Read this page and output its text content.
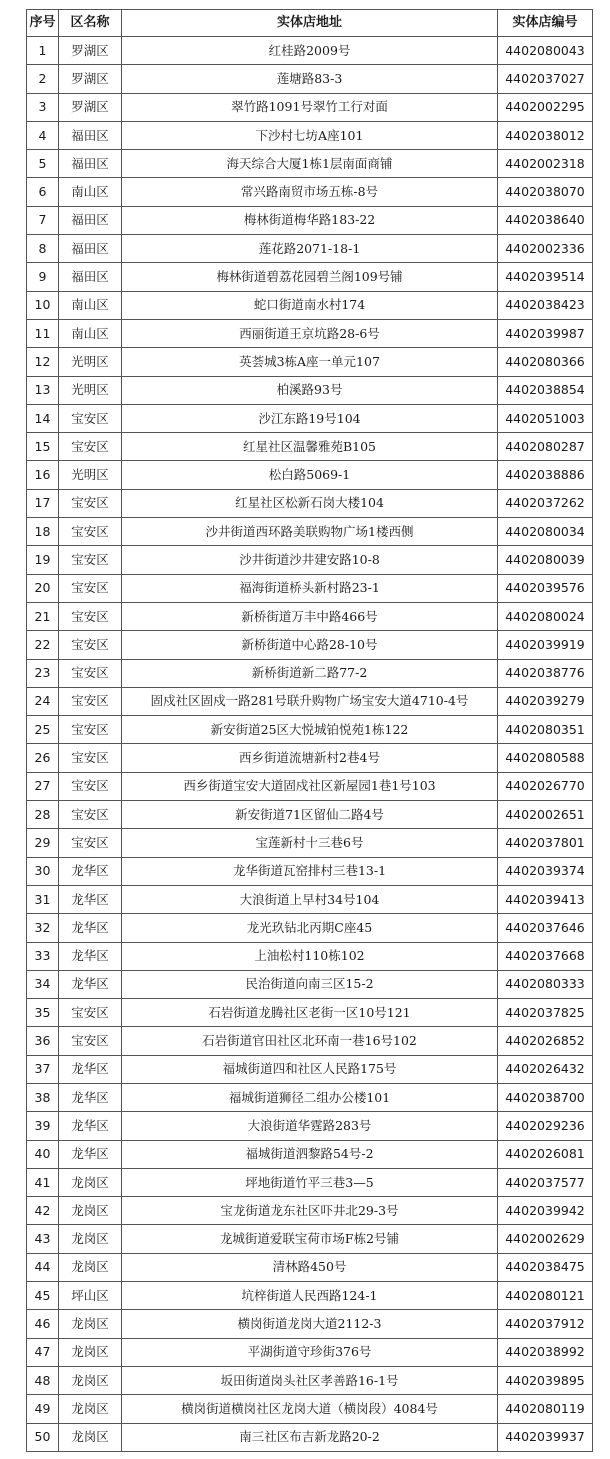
序号	区名称	实体店地址	实体店编号
1	罗湖区	红桂路2009号	4402080043
2	罗湖区	莲塘路83-3	4402037027
3	罗湖区	翠竹路1091号翠竹工行对面	4402002295
4	福田区	下沙村七坊A座101	4402038012
5	福田区	海天综合大厦1栋1层南面商铺	4402002318
6	南山区	常兴路南贸市场五栋-8号	4402038070
7	福田区	梅林街道梅华路183-22	4402038640
8	福田区	莲花路2071-18-1	4402002336
9	福田区	梅林街道碧荔花园碧兰阁109号铺	4402039514
10	南山区	蛇口街道南水村174	4402038423
11	南山区	西丽街道王京坑路28-6号	4402039987
12	光明区	英荟城3栋A座一单元107	4402080366
13	光明区	柏溪路93号	4402038854
14	宝安区	沙江东路19号104	4402051003
15	宝安区	红星社区温馨雅苑B105	4402080287
16	光明区	松白路5069-1	4402038886
17	宝安区	红星社区松新石岗大楼104	4402037262
18	宝安区	沙井街道西环路美联购物广场1楼西侧	4402080034
19	宝安区	沙井街道沙井建安路10-8	4402080039
20	宝安区	福海街道桥头新村路23-1	4402039576
21	宝安区	新桥街道万丰中路466号	4402080024
22	宝安区	新桥街道中心路28-10号	4402039919
23	宝安区	新桥街道新二路77-2	4402038776
24	宝安区	固戍社区固戍一路281号联升购物广场宝安大道4710-4号	4402039279
25	宝安区	新安街道25区大悦城铂悦苑1栋122	4402080351
26	宝安区	西乡街道流塘新村2巷4号	4402080588
27	宝安区	西乡街道宝安大道固戍社区新屋园1巷1号103	4402026770
28	宝安区	新安街道71区留仙二路4号	4402002651
29	宝安区	宝莲新村十三巷6号	4402037801
30	龙华区	龙华街道瓦窑排村三巷13-1	4402039374
31	龙华区	大浪街道上早村34号104	4402039413
32	龙华区	龙光玖钻北丙期C座45	4402037646
33	龙华区	上油松村110栋102	4402037668
34	龙华区	民治街道向南三区15-2	4402080333
35	宝安区	石岩街道龙腾社区老街一区10号121	4402037825
36	宝安区	石岩街道官田社区北环南一巷16号102	4402026852
37	龙华区	福城街道四和社区人民路175号	4402026432
38	龙华区	福城街道狮径二组办公楼101	4402038700
39	龙华区	大浪街道华霆路283号	4402029236
40	龙华区	福城街道泗黎路54号-2	4402026081
41	龙岗区	坪地街道竹平三巷3—5	4402037577
42	龙岗区	宝龙街道龙东社区吓井北29-3号	4402039942
43	龙岗区	龙城街道爱联宝荷市场F栋2号铺	4402002629
44	龙岗区	清林路450号	4402038475
45	坪山区	坑梓街道人民西路124-1	4402080121
46	龙岗区	横岗街道龙岗大道2112-3	4402037912
47	龙岗区	平湖街道守珍街376号	4402038992
48	龙岗区	坂田街道岗头社区孝善路16-1号	4402039895
49	龙岗区	横岗街道横岗社区龙岗大道（横岗段）4084号	4402080119
50	龙岗区	南三社区布吉新龙路20-2	4402039937
